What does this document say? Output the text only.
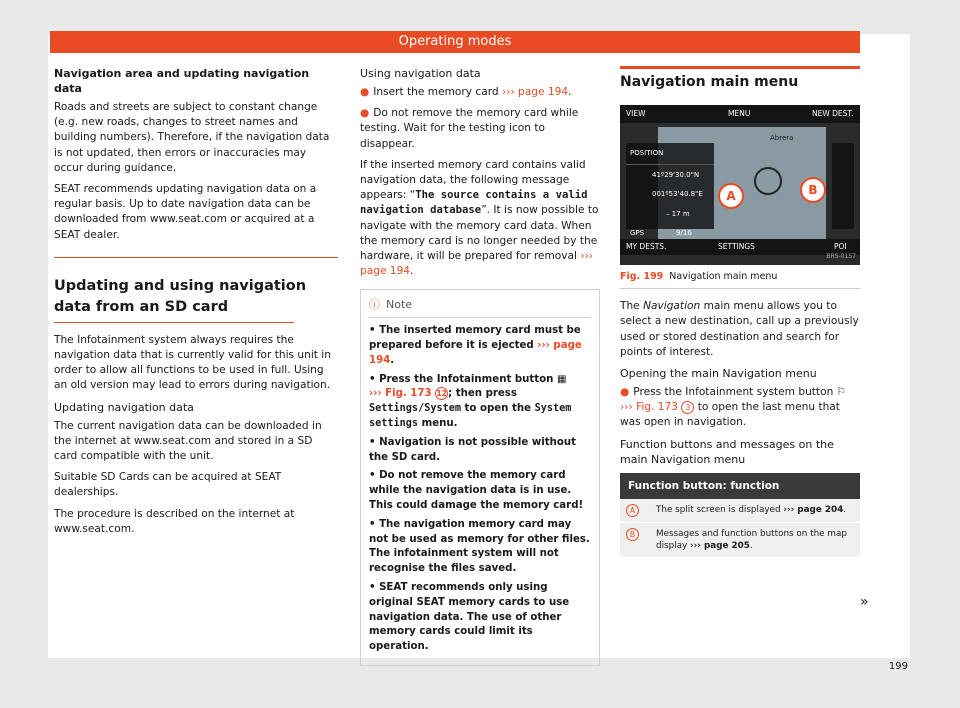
Operating modes
Navigation area and updating navigation data

Roads and streets are subject to constant change (e.g. new roads, changes to street names and building numbers). Therefore, if the navigation data is not updated, then errors or inaccuracies may occur during guidance.

SEAT recommends updating navigation data on a regular basis. Up to date navigation data can be downloaded from www.seat.com or acquired at a SEAT dealer.

Updating and using navigation data from an SD card

The Infotainment system always requires the navigation data that is currently valid for this unit in order to allow all functions to be used in full. Using an old version may lead to errors during navigation.

Updating navigation data

The current navigation data can be downloaded in the internet at www.seat.com and stored in a SD card compatible with the unit.

Suitable SD Cards can be acquired at SEAT dealerships.

The procedure is described on the internet at www.seat.com.

Using navigation data

● Insert the memory card ››› page 194.

● Do not remove the memory card while testing. Wait for the testing icon to disappear.

If the inserted memory card contains valid navigation data, the following message appears: “The source contains a valid navigation database”. It is now possible to navigate with the memory card data. When the memory card is no longer needed by the hardware, it will be prepared for removal ››› page 194.

ⓘ Note

• The inserted memory card must be prepared before it is ejected ››› page 194.

• Press the Infotainment button ▦
››› Fig. 173 12; then press Settings/System to open the System settings menu.

• Navigation is not possible without the SD card.

• Do not remove the memory card while the navigation data is in use. This could damage the memory card!

• The navigation memory card may not be used as memory for other files. The infotainment system will not recognise the files saved.

• SEAT recommends only using original SEAT memory cards to use navigation data. The use of other memory cards could limit its operation.

Navigation main menu
Abrera
VIEW	MENU	NEW DEST.
POSITION
41º29'30.0"N
001º53'40.8"E
– 17 m
GPS	9/16
A	B
MY DESTS.	SETTINGS	POI
BRS-0157
Fig. 199 Navigation main menu

The Navigation main menu allows you to select a new destination, call up a previously used or stored destination and search for points of interest.

Opening the main Navigation menu

● Press the Infotainment system button ⚐
››› Fig. 173 3 to open the last menu that was open in navigation.

Function buttons and messages on the main Navigation menu
Function button: function	
A	The split screen is displayed ››› page 204.
B	Messages and function buttons on the map display ››› page 205.
»
199
